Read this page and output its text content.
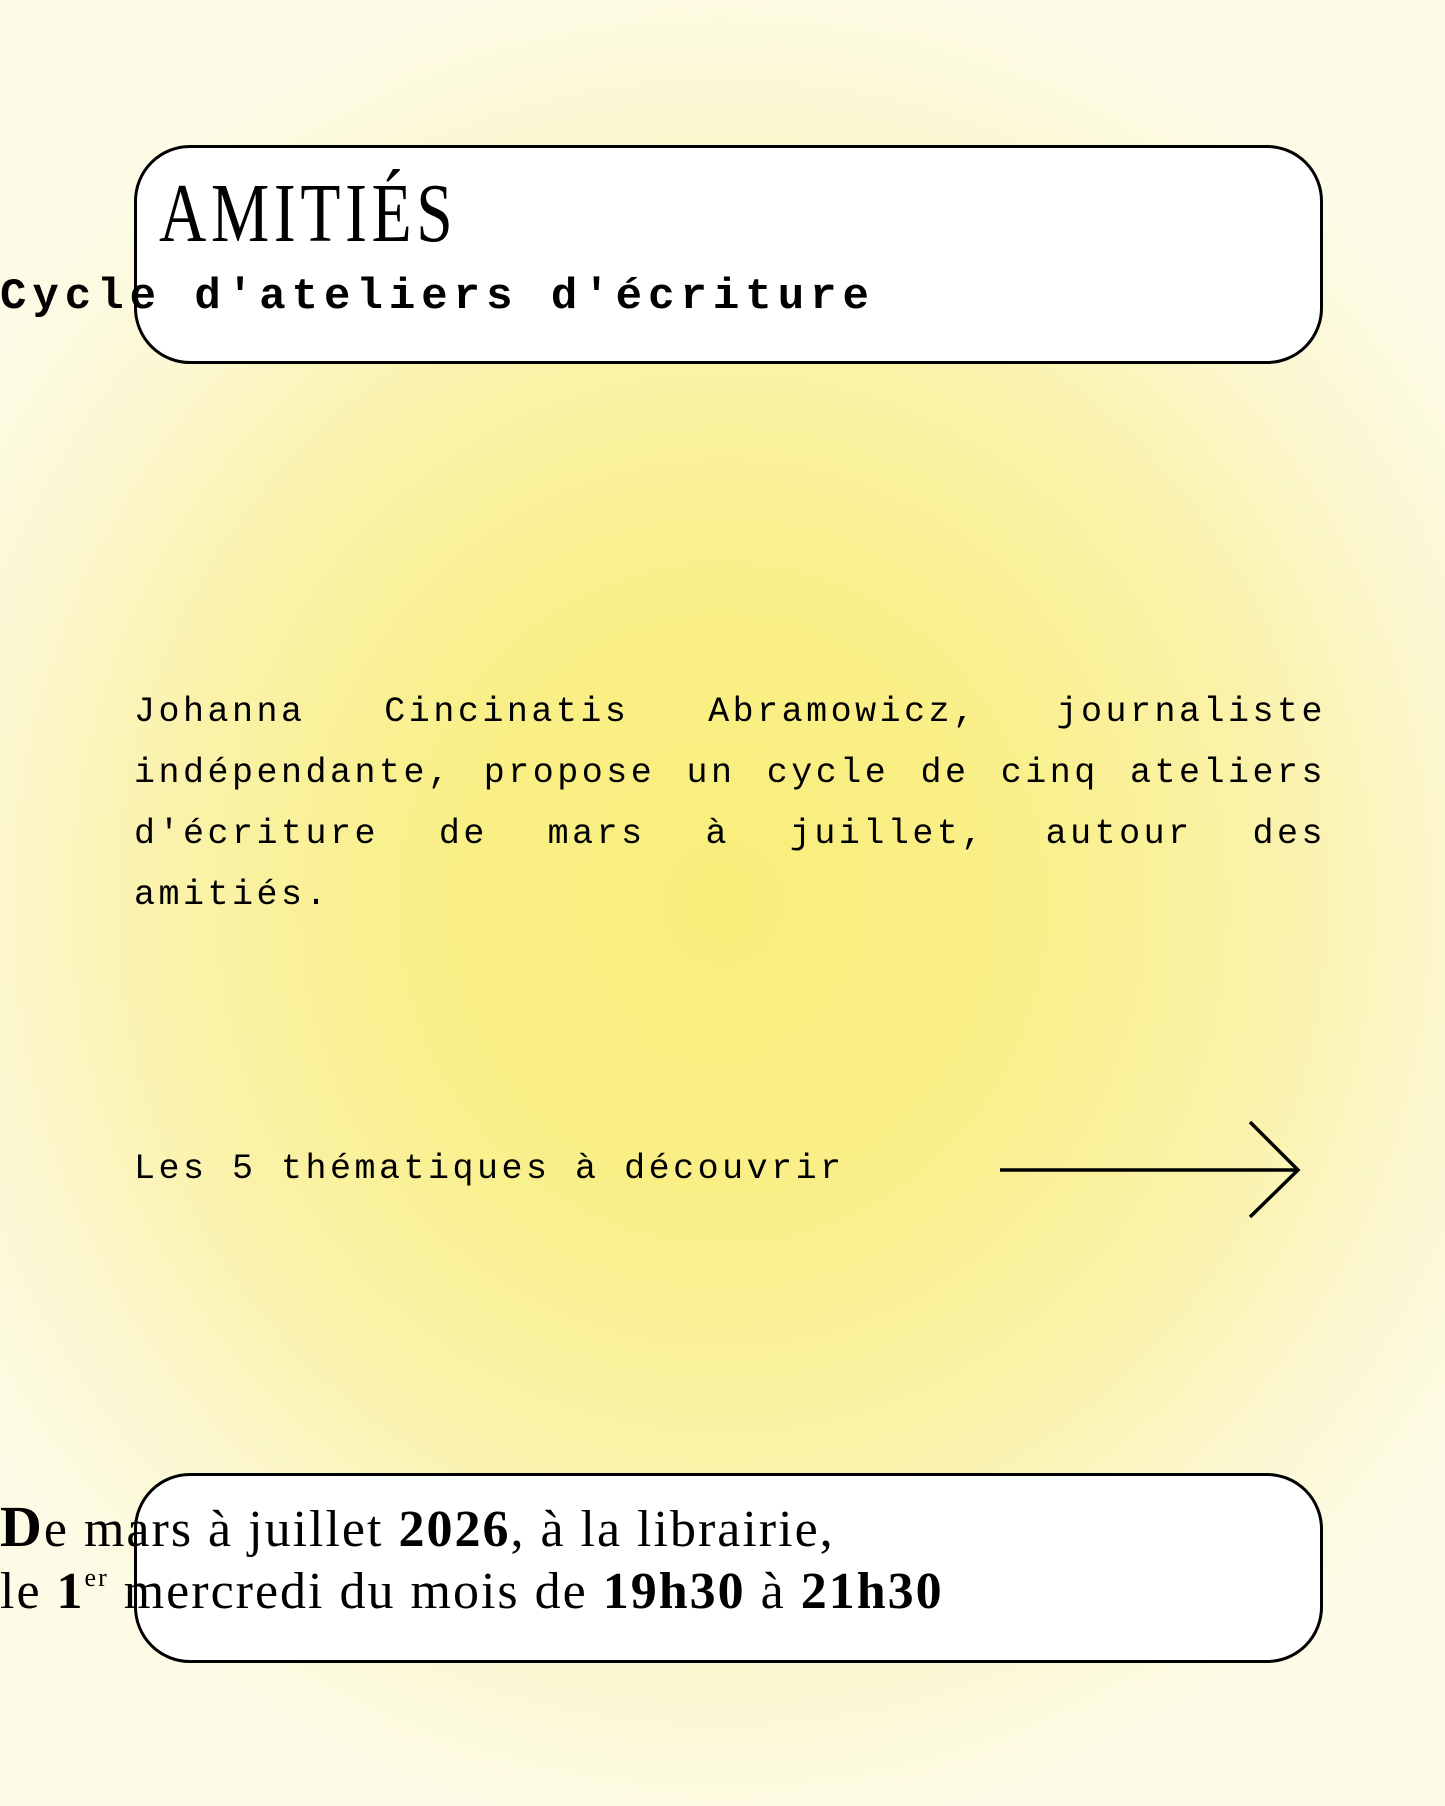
AMITIÉS
Cycle d'ateliers d'écriture
Johanna Cincinatis Abramowicz, journaliste indépendante, propose un cycle de cinq ateliers d'écriture de mars à juillet, autour des amitiés.
Les 5 thématiques à découvrir
De mars à juillet 2026, à la librairie,
le 1er mercredi du mois de 19h30 à 21h30
